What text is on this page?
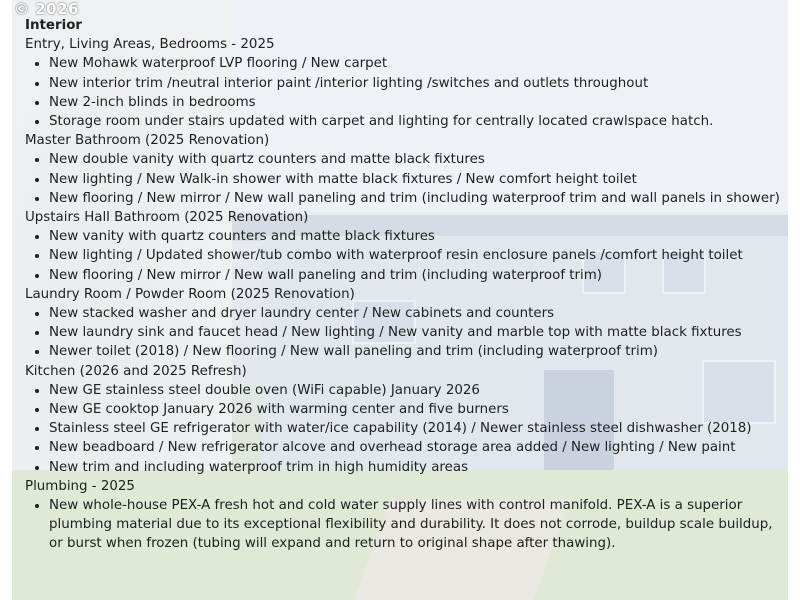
© 2026

Interior

Entry, Living Areas, Bedrooms - 2025

• New Mohawk waterproof LVP flooring / New carpet
• New interior trim /neutral interior paint /interior lighting /switches and outlets throughout
• New 2-inch blinds in bedrooms
• Storage room under stairs updated with carpet and lighting for centrally located crawlspace hatch.

Master Bathroom (2025 Renovation)

• New double vanity with quartz counters and matte black fixtures
• New lighting / New Walk-in shower with matte black fixtures / New comfort height toilet
• New flooring / New mirror / New wall paneling and trim (including waterproof trim and wall panels in shower)

Upstairs Hall Bathroom (2025 Renovation)

• New vanity with quartz counters and matte black fixtures
• New lighting / Updated shower/tub combo with waterproof resin enclosure panels /comfort height toilet
• New flooring / New mirror / New wall paneling and trim (including waterproof trim)

Laundry Room / Powder Room (2025 Renovation)

• New stacked washer and dryer laundry center / New cabinets and counters
• New laundry sink and faucet head / New lighting / New vanity and marble top with matte black fixtures
• Newer toilet (2018) / New flooring / New wall paneling and trim (including waterproof trim)

Kitchen (2026 and 2025 Refresh)

• New GE stainless steel double oven (WiFi capable) January 2026
• New GE cooktop January 2026 with warming center and five burners
• Stainless steel GE refrigerator with water/ice capability (2014) / Newer stainless steel dishwasher (2018)
• New beadboard / New refrigerator alcove and overhead storage area added / New lighting / New paint
• New trim and including waterproof trim in high humidity areas

Plumbing - 2025

• New whole-house PEX-A fresh hot and cold water supply lines with control manifold. PEX-A is a superior plumbing material due to its exceptional flexibility and durability. It does not corrode, buildup scale buildup, or burst when frozen (tubing will expand and return to original shape after thawing).
